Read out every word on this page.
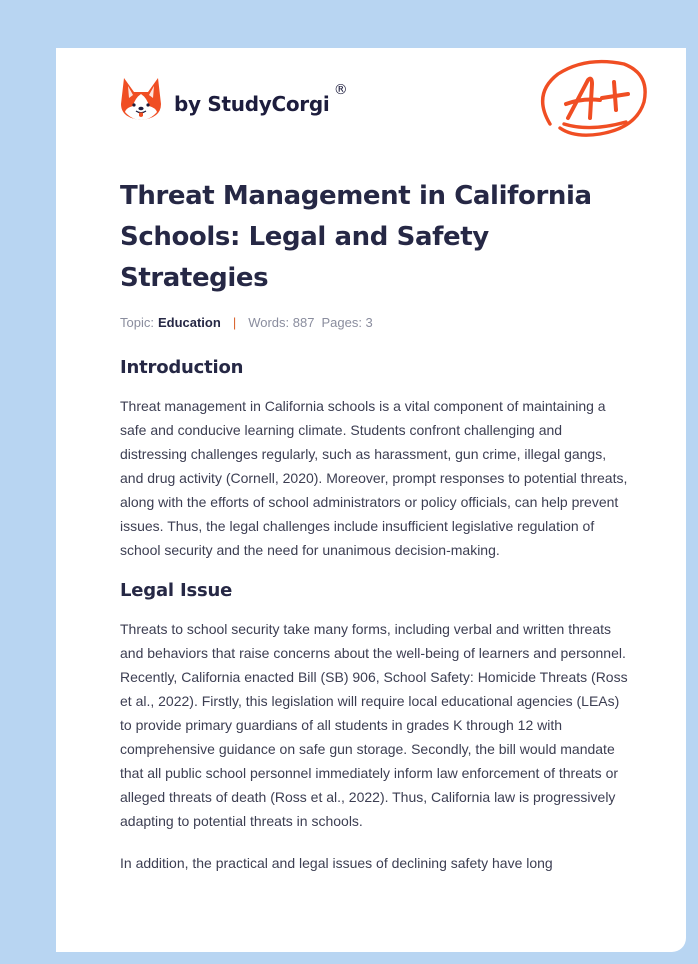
by StudyCorgi
®
Threat Management in California Schools: Legal and Safety Strategies
Topic: Education | Words: 887 Pages: 3
Introduction

Threat management in California schools is a vital component of maintaining a safe and conducive learning climate. Students confront challenging and distressing challenges regularly, such as harassment, gun crime, illegal gangs, and drug activity (Cornell, 2020). Moreover, prompt responses to potential threats, along with the efforts of school administrators or policy officials, can help prevent issues. Thus, the legal challenges include insufficient legislative regulation of school security and the need for unanimous decision-making.

Legal Issue

Threats to school security take many forms, including verbal and written threats and behaviors that raise concerns about the well-being of learners and personnel. Recently, California enacted Bill (SB) 906, School Safety: Homicide Threats (Ross et al., 2022). Firstly, this legislation will require local educational agencies (LEAs) to provide primary guardians of all students in grades K through 12 with comprehensive guidance on safe gun storage. Secondly, the bill would mandate that all public school personnel immediately inform law enforcement of threats or alleged threats of death (Ross et al., 2022). Thus, California law is progressively adapting to potential threats in schools.

In addition, the practical and legal issues of declining safety have long
